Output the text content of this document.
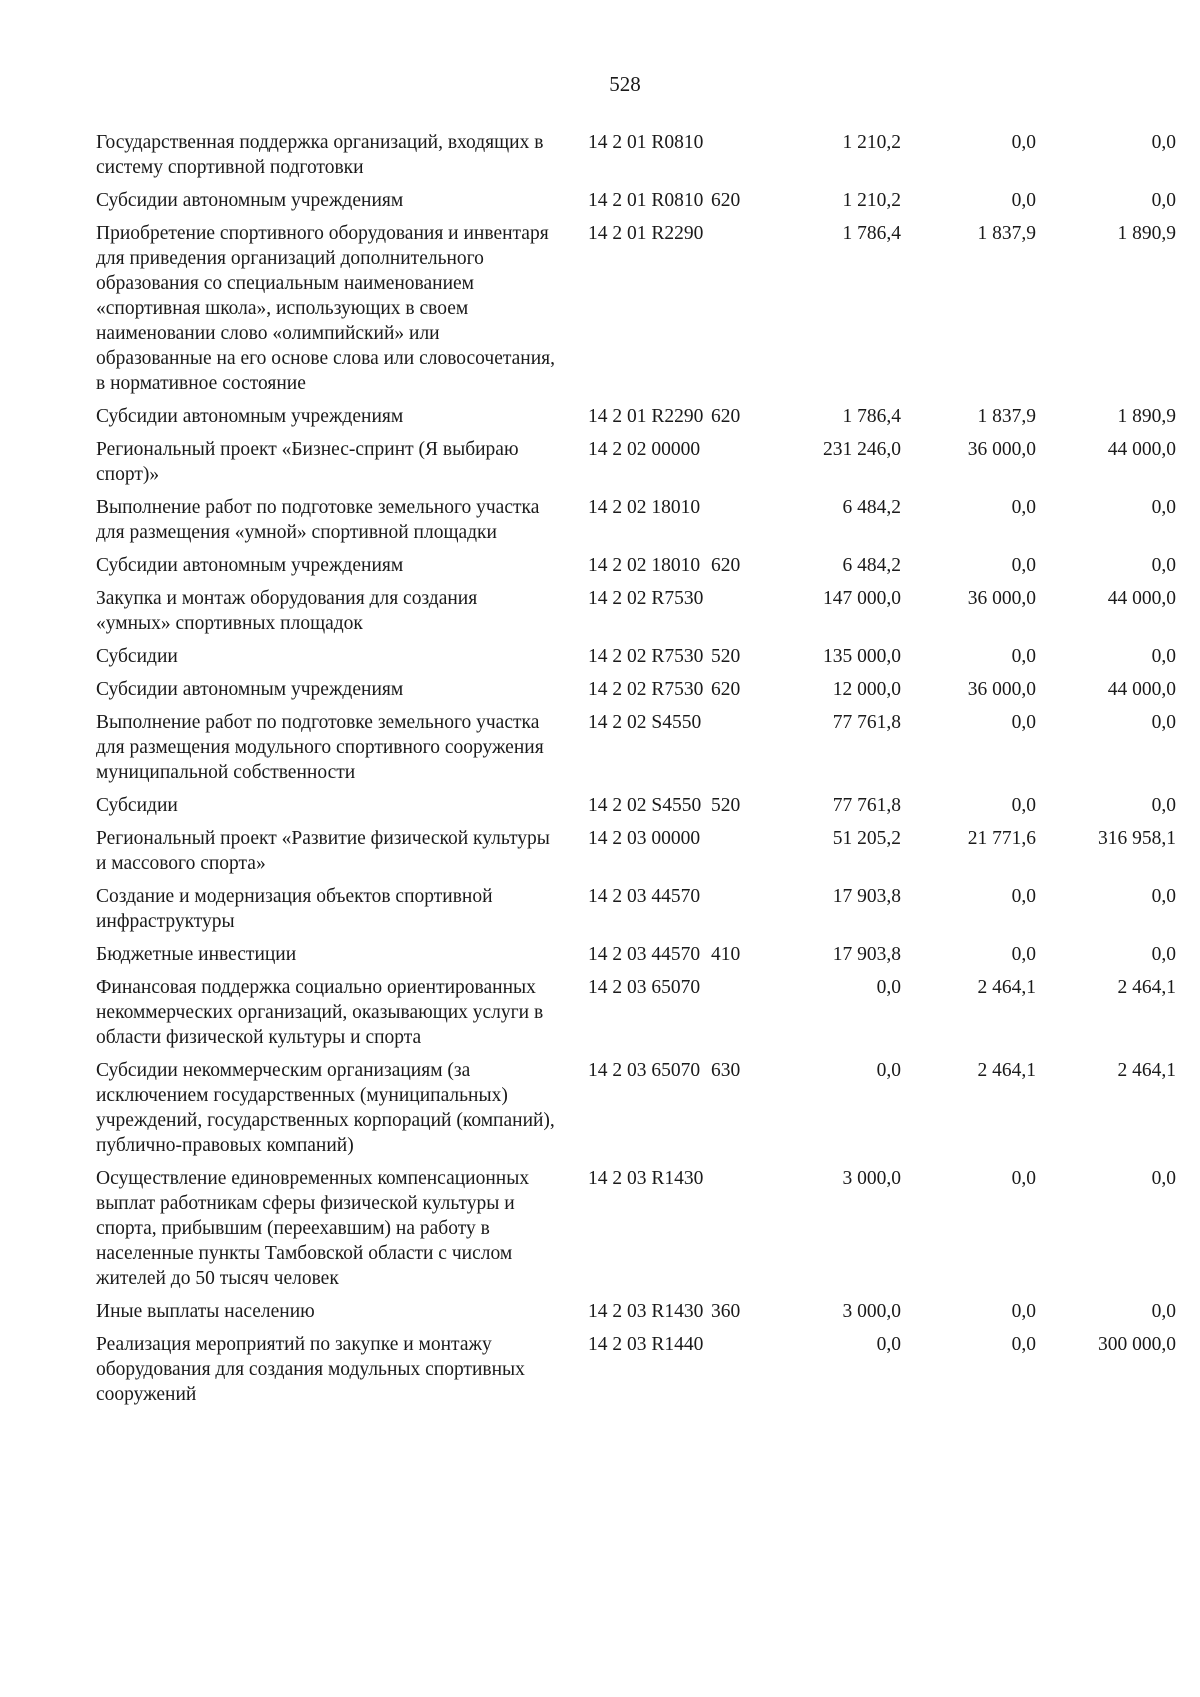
528
Государственная поддержка организаций, входящих в систему спортивной подготовки	14 2 01 R0810		1 210,2	0,0	0,0
Субсидии автономным учреждениям	14 2 01 R0810	620	1 210,2	0,0	0,0
Приобретение спортивного оборудования и инвентаря для приведения организаций дополнительного образования со специальным наименованием «спортивная школа», использующих в своем наименовании слово «олимпийский» или образованные на его основе слова или словосочетания, в нормативное состояние	14 2 01 R2290		1 786,4	1 837,9	1 890,9
Субсидии автономным учреждениям	14 2 01 R2290	620	1 786,4	1 837,9	1 890,9
Региональный проект «Бизнес-спринт (Я выбираю спорт)»	14 2 02 00000		231 246,0	36 000,0	44 000,0
Выполнение работ по подготовке земельного участка для размещения «умной» спортивной площадки	14 2 02 18010		6 484,2	0,0	0,0
Субсидии автономным учреждениям	14 2 02 18010	620	6 484,2	0,0	0,0
Закупка и монтаж оборудования для создания «умных» спортивных площадок	14 2 02 R7530		147 000,0	36 000,0	44 000,0
Субсидии	14 2 02 R7530	520	135 000,0	0,0	0,0
Субсидии автономным учреждениям	14 2 02 R7530	620	12 000,0	36 000,0	44 000,0
Выполнение работ по подготовке земельного участка для размещения модульного спортивного сооружения муниципальной собственности	14 2 02 S4550		77 761,8	0,0	0,0
Субсидии	14 2 02 S4550	520	77 761,8	0,0	0,0
Региональный проект «Развитие физической культуры и массового спорта»	14 2 03 00000		51 205,2	21 771,6	316 958,1
Создание и модернизация объектов спортивной инфраструктуры	14 2 03 44570		17 903,8	0,0	0,0
Бюджетные инвестиции	14 2 03 44570	410	17 903,8	0,0	0,0
Финансовая поддержка социально ориентированных некоммерческих организаций, оказывающих услуги в области физической культуры и спорта	14 2 03 65070		0,0	2 464,1	2 464,1
Субсидии некоммерческим организациям (за исключением государственных (муниципальных) учреждений, государственных корпораций (компаний), публично-правовых компаний)	14 2 03 65070	630	0,0	2 464,1	2 464,1
Осуществление единовременных компенсационных выплат работникам сферы физической культуры и спорта, прибывшим (переехавшим) на работу в населенные пункты Тамбовской области с числом жителей до 50 тысяч человек	14 2 03 R1430		3 000,0	0,0	0,0
Иные выплаты населению	14 2 03 R1430	360	3 000,0	0,0	0,0
Реализация мероприятий по закупке и монтажу оборудования для создания модульных спортивных сооружений	14 2 03 R1440		0,0	0,0	300 000,0
